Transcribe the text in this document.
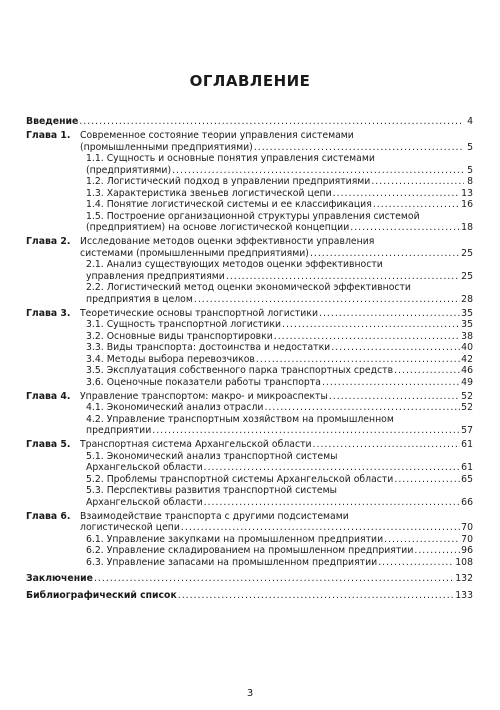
ОГЛАВЛЕНИЕ
Введение .....	4
Глава 1. Современное состояние теории управления системами
(промышленными предприятиями) .....	5
1.1. Сущность и основные понятия управления системами
(предприятиями) .....	5
1.2. Логистический подход в управлении предприятиями .....	8
1.3. Характеристика звеньев логистической цепи .....	13
1.4. Понятие логистической системы и ее классификация .....	16
1.5. Построение организационной структуры управления системой
(предприятием) на основе логистической концепции .....	18
Глава 2. Исследование методов оценки эффективности управления
системами (промышленными предприятиями) .....	25
2.1. Анализ существующих методов оценки эффективности
управления предприятиями .....	25
2.2. Логистический метод оценки экономической эффективности
предприятия в целом .....	28
Глава 3. Теоретические основы транспортной логистики .....	35
3.1. Сущность транспортной логистики .....	35
3.2. Основные виды транспортировки .....	38
3.3. Виды транспорта: достоинства и недостатки .....	40
3.4. Методы выбора перевозчиков .....	42
3.5. Эксплуатация собственного парка транспортных средств .....	46
3.6. Оценочные показатели работы транспорта .....	49
Глава 4. Управление транспортом: макро- и микроаспекты .....	52
4.1. Экономический анализ отрасли .....	52
4.2. Управление транспортным хозяйством на промышленном
предприятии .....	57
Глава 5. Транспортная система Архангельской области .....	61
5.1. Экономический анализ транспортной системы
Архангельской области .....	61
5.2. Проблемы транспортной системы Архангельской области .....	65
5.3. Перспективы развития транспортной системы
Архангельской области .....	66
Глава 6. Взаимодействие транспорта с другими подсистемами
логистической цепи .....	70
6.1. Управление закупками на промышленном предприятии .....	70
6.2. Управление складированием на промышленном предприятии .....	96
6.3. Управление запасами на промышленном предприятии .....	108
Заключение .....	132
Библиографический список .....	133
3
